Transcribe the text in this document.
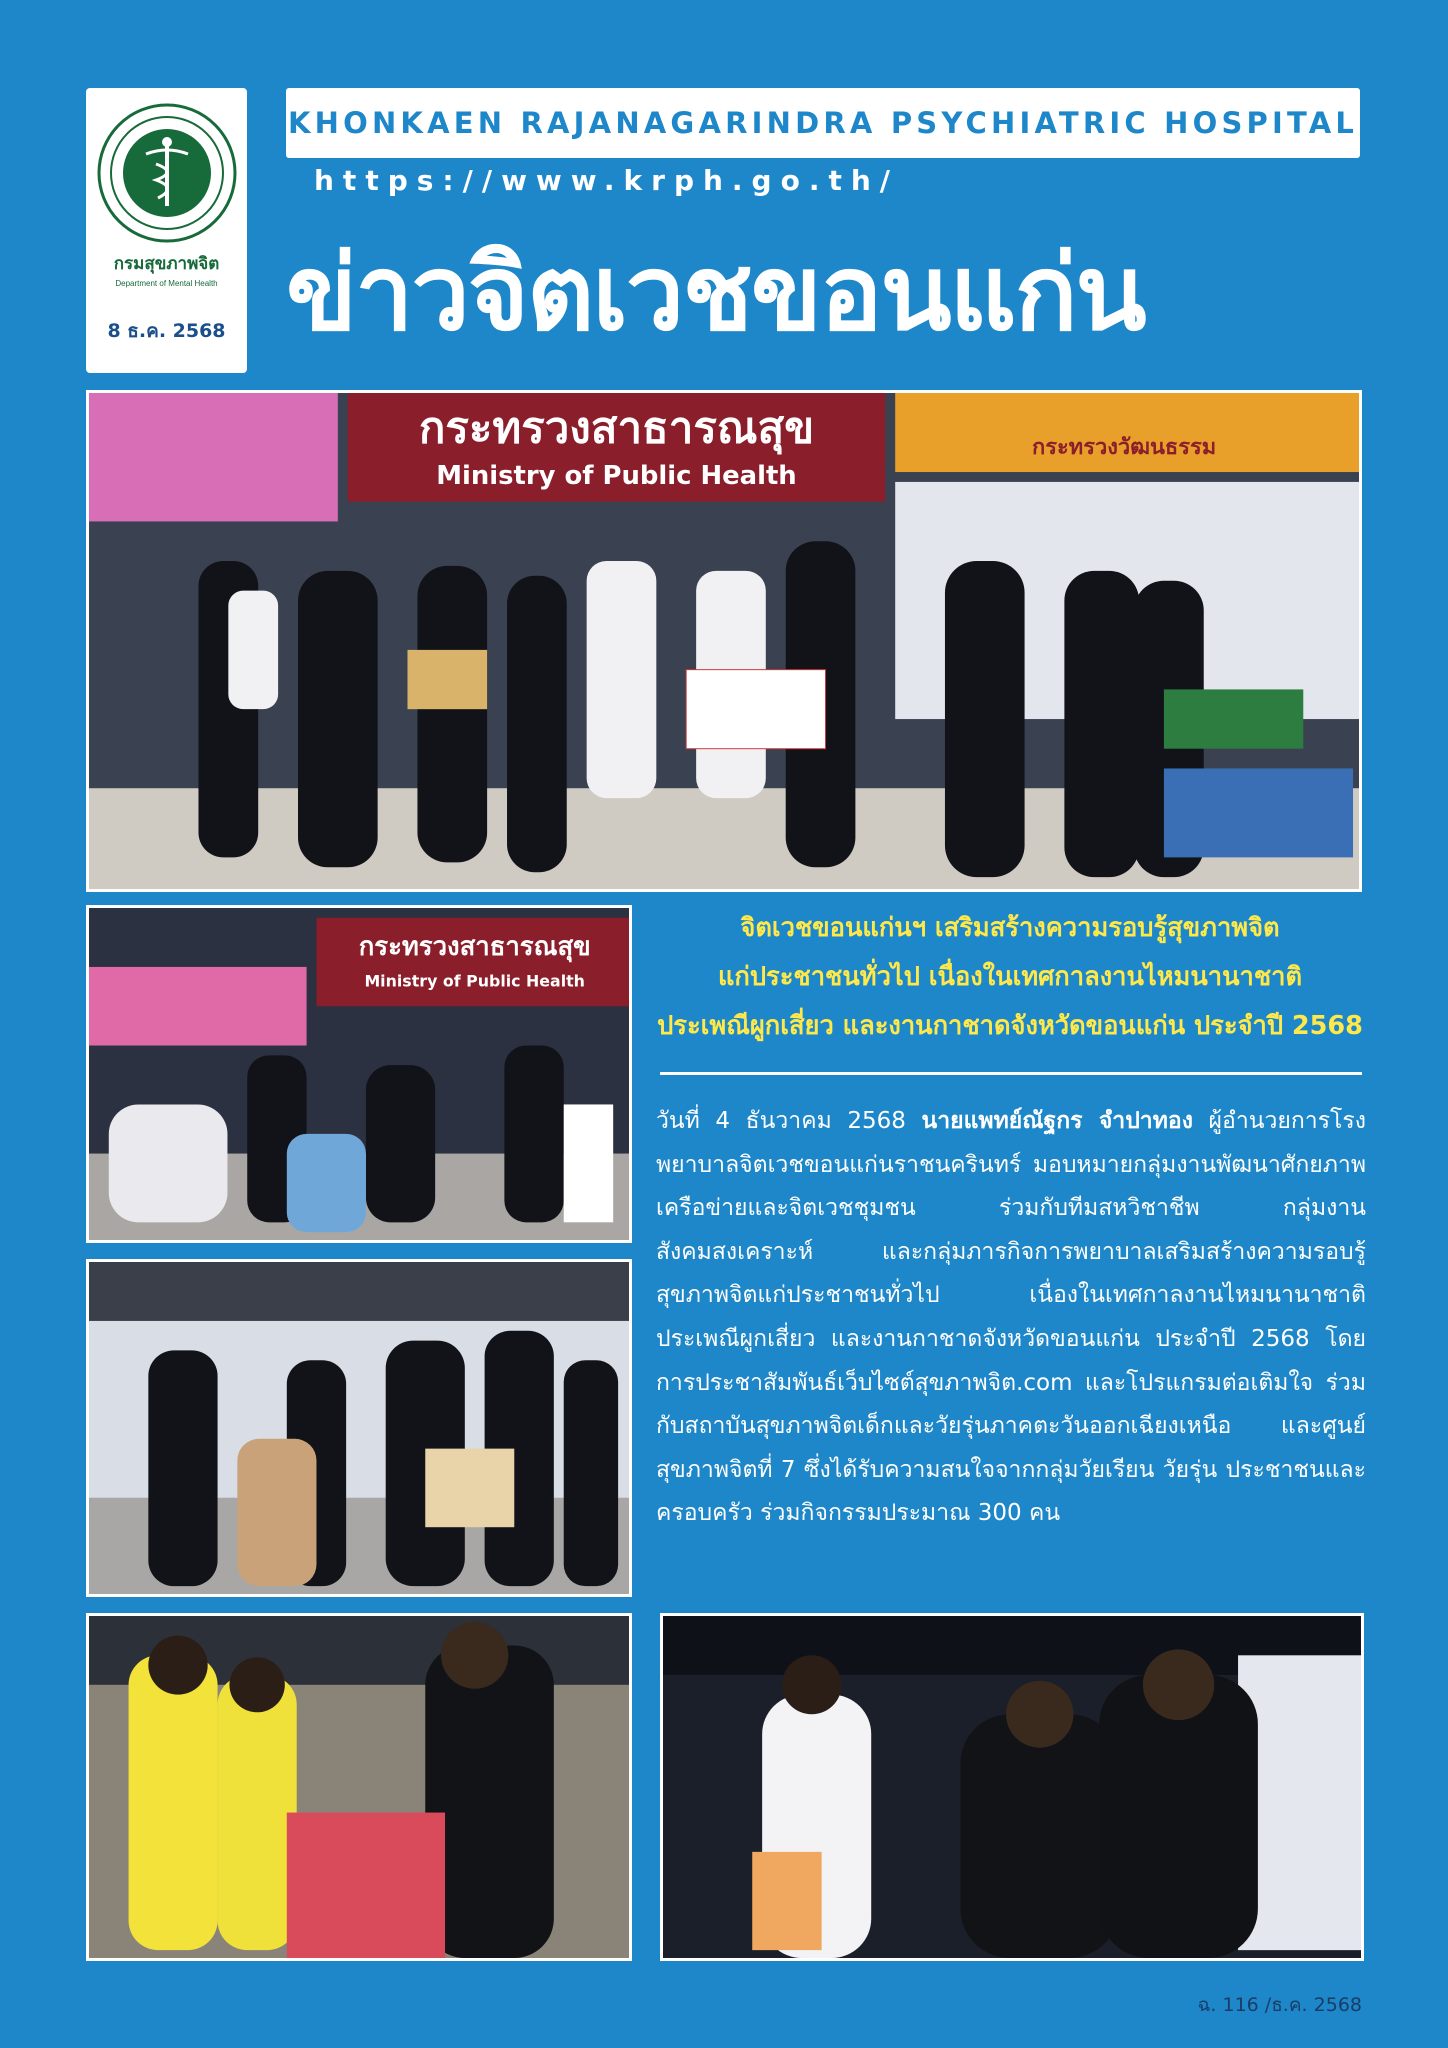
กรมสุขภาพจิต
Department of Mental Health
8 ธ.ค. 2568
KHONKAEN RAJANAGARINDRA PSYCHIATRIC HOSPITAL
https://www.krph.go.th/
ข่าวจิตเวชขอนแก่น
กระทรวงสาธารณสุข
Ministry of Public Health
กระทรวงวัฒนธรรม
กระทรวงสาธารณสุข
Ministry of Public Health
จิตเวชขอนแก่นฯ เสริมสร้างความรอบรู้สุขภาพจิต
แก่ประชาชนทั่วไป เนื่องในเทศกาลงานไหมนานาชาติ
ประเพณีผูกเสี่ยว และงานกาชาดจังหวัดขอนแก่น ประจำปี 2568
วันที่ 4 ธันวาคม 2568 นายแพทย์ณัฐกร จำปาทอง ผู้อำนวยการโรงพยาบาลจิตเวชขอนแก่นราชนครินทร์ มอบหมายกลุ่มงานพัฒนาศักยภาพเครือข่ายและจิตเวชชุมชน ร่วมกับทีมสหวิชาชีพ กลุ่มงานสังคมสงเคราะห์ และกลุ่มภารกิจการพยาบาลเสริมสร้างความรอบรู้สุขภาพจิตแก่ประชาชนทั่วไป เนื่องในเทศกาลงานไหมนานาชาติ ประเพณีผูกเสี่ยว และงานกาชาดจังหวัดขอนแก่น ประจำปี 2568 โดยการประชาสัมพันธ์เว็บไซต์สุขภาพจิต.com และโปรแกรมต่อเติมใจ ร่วมกับสถาบันสุขภาพจิตเด็กและวัยรุ่นภาคตะวันออกเฉียงเหนือ และศูนย์สุขภาพจิตที่ 7 ซึ่งได้รับความสนใจจากกลุ่มวัยเรียน วัยรุ่น ประชาชนและครอบครัว ร่วมกิจกรรมประมาณ 300 คน
ฉ. 116 /ธ.ค. 2568
